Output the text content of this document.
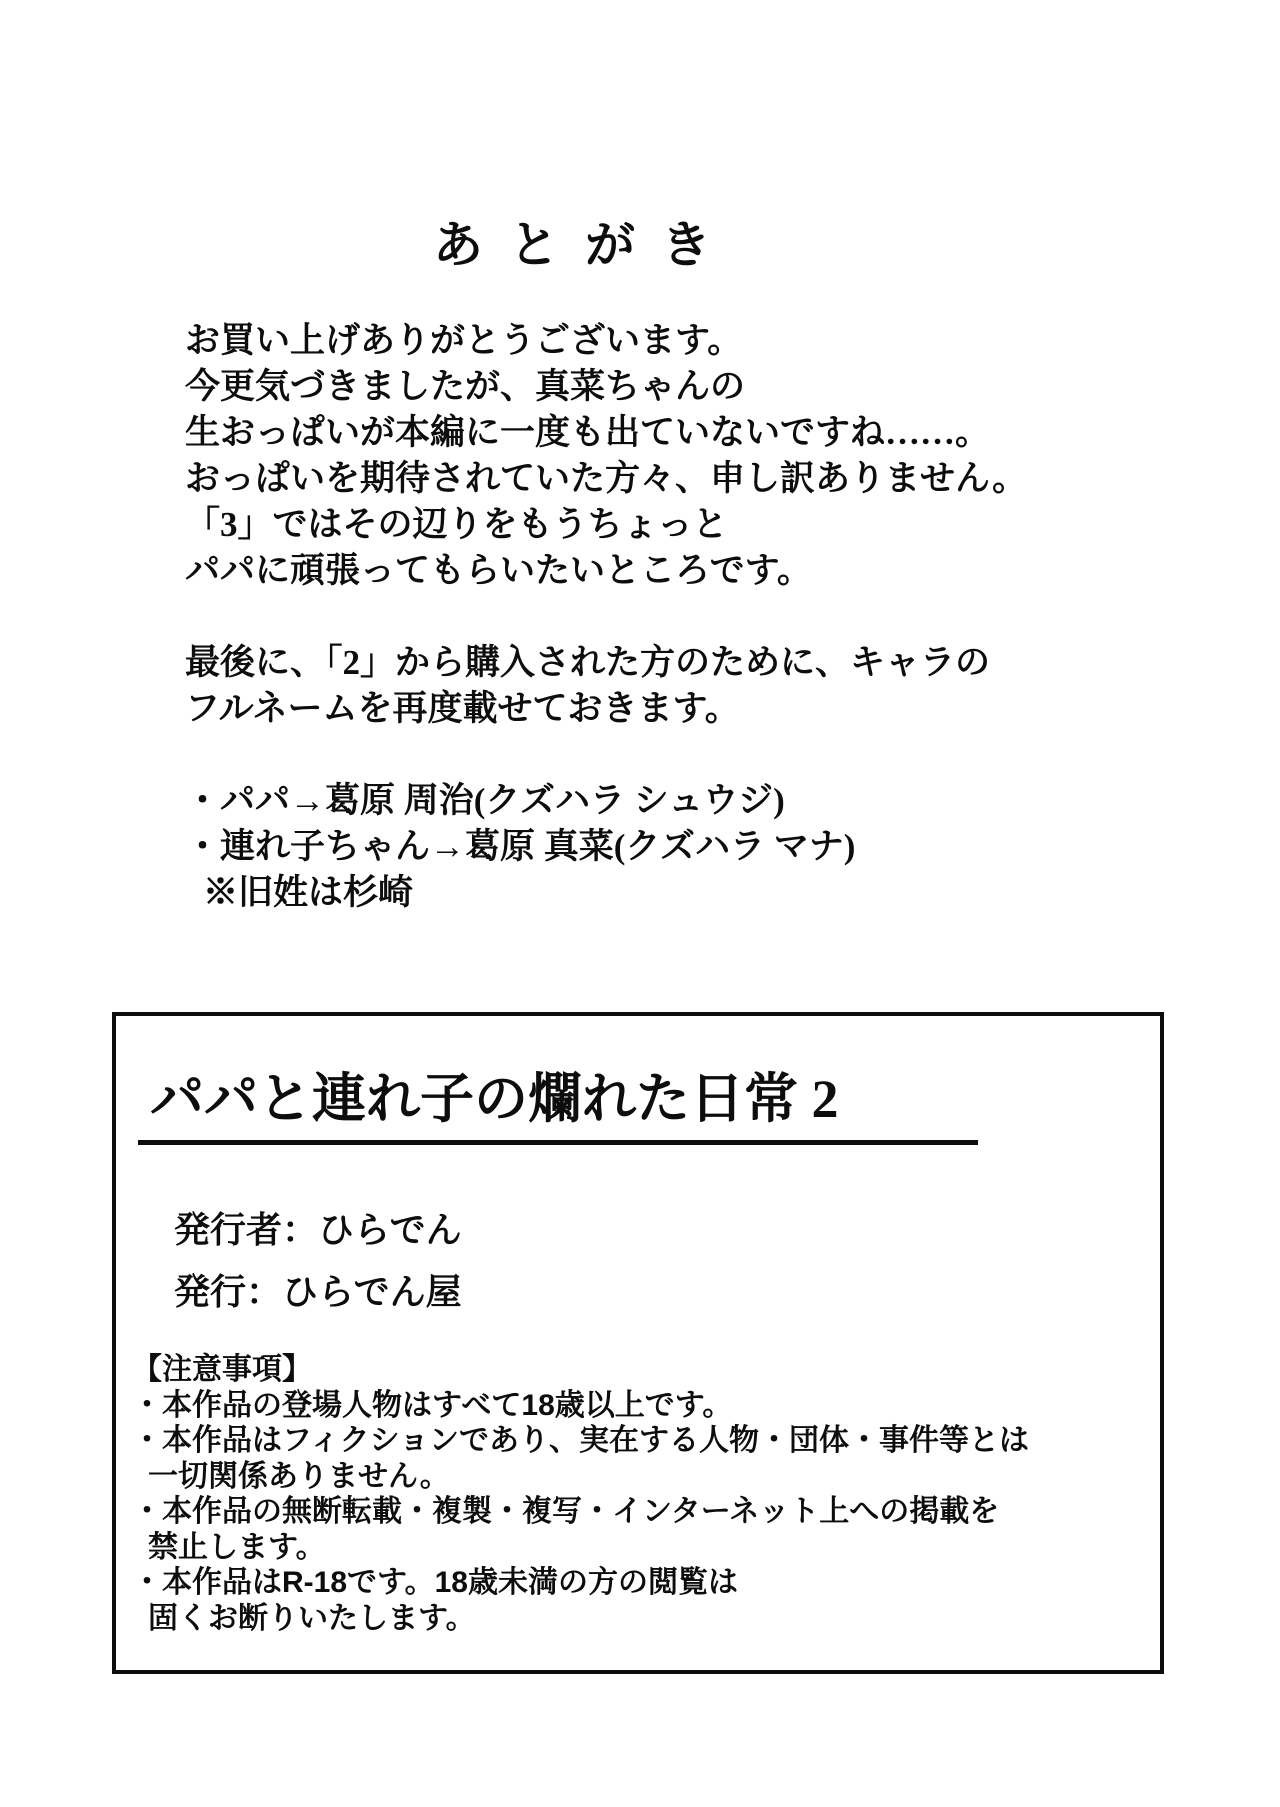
あとがき
お買い上げありがとうございます。
今更気づきましたが、真菜ちゃんの
生おっぱいが本編に一度も出ていないですね……。
おっぱいを期待されていた方々、申し訳ありません。
「3」ではその辺りをもうちょっと
パパに頑張ってもらいたいところです。
最後に、「2」から購入された方のために、キャラの
フルネームを再度載せておきます。
・パパ→葛原 周治(クズハラ シュウジ)
・連れ子ちゃん→葛原 真菜(クズハラ マナ)
※旧姓は杉崎
パパと連れ子の爛れた日常 2
発行者：ひらでん
発行：ひらでん屋
【注意事項】
・本作品の登場人物はすべて18歳以上です。
・本作品はフィクションであり、実在する人物・団体・事件等とは
一切関係ありません。
・本作品の無断転載・複製・複写・インターネット上への掲載を
禁止します。
・本作品はR-18です。18歳未満の方の閲覧は
固くお断りいたします。
